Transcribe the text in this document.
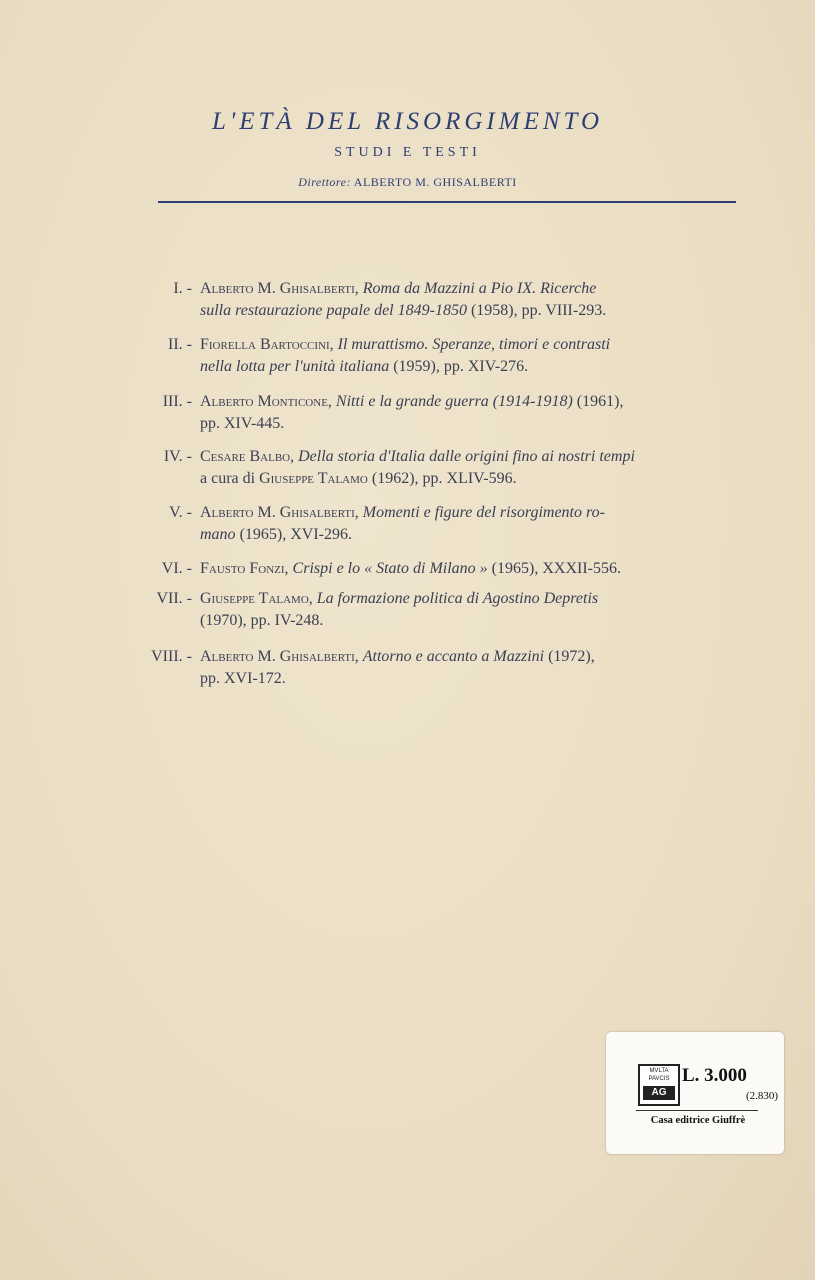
L'ETÀ DEL RISORGIMENTO
STUDI E TESTI
Direttore: ALBERTO M. GHISALBERTI
I. - Alberto M. Ghisalberti, Roma da Mazzini a Pio IX. Ricerche
sulla restaurazione papale del 1849-1850 (1958), pp. VIII-293.
II. - Fiorella Bartoccini, Il murattismo. Speranze, timori e contrasti
nella lotta per l'unità italiana (1959), pp. XIV-276.
III. - Alberto Monticone, Nitti e la grande guerra (1914-1918) (1961),
pp. XIV-445.
IV. - Cesare Balbo, Della storia d'Italia dalle origini fino ai nostri tempi
a cura di Giuseppe Talamo (1962), pp. XLIV-596.
V. - Alberto M. Ghisalberti, Momenti e figure del risorgimento ro-
mano (1965), XVI-296.
VI. - Fausto Fonzi, Crispi e lo « Stato di Milano » (1965), XXXII-556.
VII. - Giuseppe Talamo, La formazione politica di Agostino Depretis
(1970), pp. IV-248.
VIII. - Alberto M. Ghisalberti, Attorno e accanto a Mazzini (1972),
pp. XVI-172.
MVLTA
PAVCIS
AG
L. 3.000
(2.830)
Casa editrice Giuffrè
